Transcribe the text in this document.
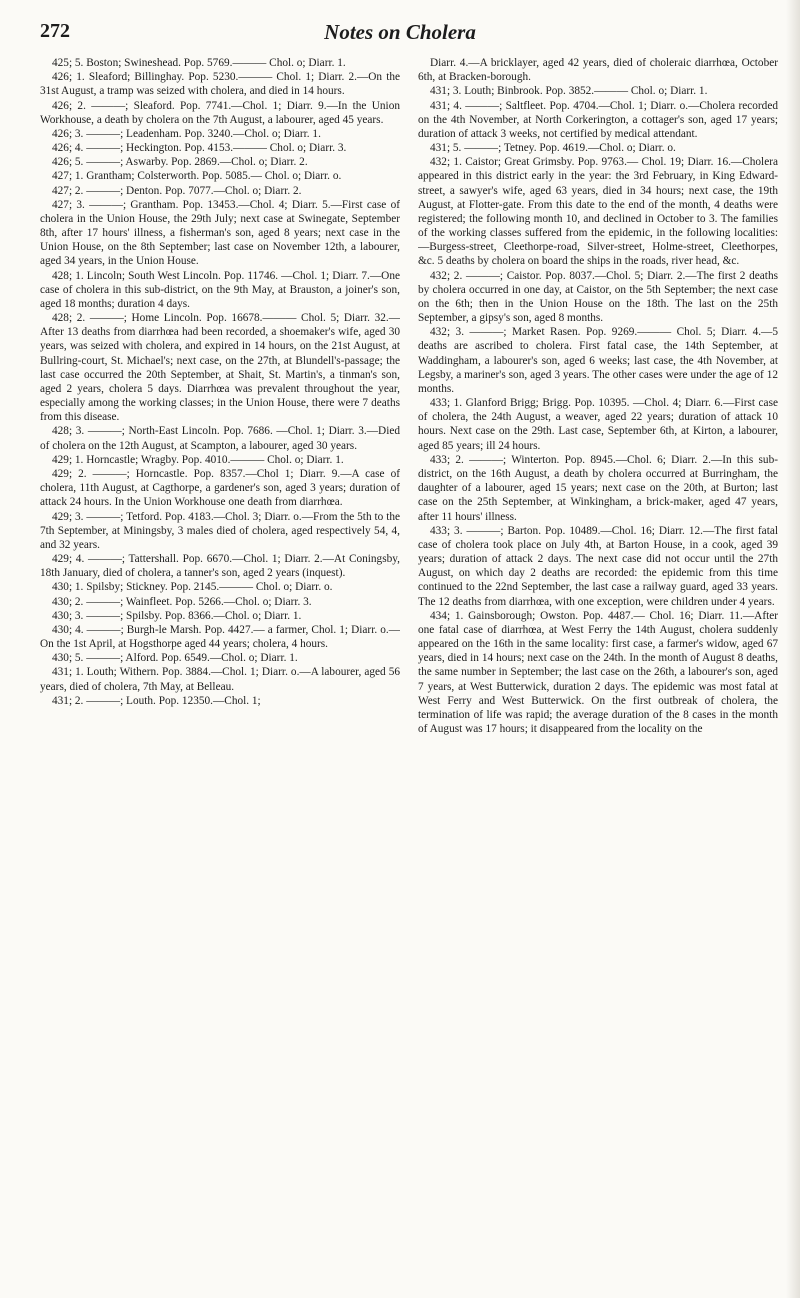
272	Notes on Cholera

425; 5. Boston; Swineshead. Pop. 5769.——— Chol. o; Diarr. 1.

426; 1. Sleaford; Billinghay. Pop. 5230.——— Chol. 1; Diarr. 2.—On the 31st August, a tramp was seized with cholera, and died in 14 hours.

426; 2. ———; Sleaford. Pop. 7741.—Chol. 1; Diarr. 9.—In the Union Workhouse, a death by cholera on the 7th August, a labourer, aged 45 years.

426; 3. ———; Leadenham. Pop. 3240.—Chol. o; Diarr. 1.

426; 4. ———; Heckington. Pop. 4153.——— Chol. o; Diarr. 3.

426; 5. ———; Aswarby. Pop. 2869.—Chol. o; Diarr. 2.

427; 1. Grantham; Colsterworth. Pop. 5085.— Chol. o; Diarr. o.

427; 2. ———; Denton. Pop. 7077.—Chol. o; Diarr. 2.

427; 3. ———; Grantham. Pop. 13453.—Chol. 4; Diarr. 5.—First case of cholera in the Union House, the 29th July; next case at Swinegate, September 8th, after 17 hours' illness, a fisherman's son, aged 8 years; next case in the Union House, on the 8th September; last case on November 12th, a labourer, aged 34 years, in the Union House.

428; 1. Lincoln; South West Lincoln. Pop. 11746. —Chol. 1; Diarr. 7.—One case of cholera in this sub-district, on the 9th May, at Brauston, a joiner's son, aged 18 months; duration 4 days.

428; 2. ———; Home Lincoln. Pop. 16678.——— Chol. 5; Diarr. 32.—After 13 deaths from diarrhœa had been recorded, a shoemaker's wife, aged 30 years, was seized with cholera, and expired in 14 hours, on the 21st August, at Bullring-court, St. Michael's; next case, on the 27th, at Blundell's-passage; the last case occurred the 20th September, at Shait, St. Martin's, a tinman's son, aged 2 years, cholera 5 days. Diarrhœa was prevalent throughout the year, especially among the working classes; in the Union House, there were 7 deaths from this disease.

428; 3. ———; North-East Lincoln. Pop. 7686. —Chol. 1; Diarr. 3.—Died of cholera on the 12th August, at Scampton, a labourer, aged 30 years.

429; 1. Horncastle; Wragby. Pop. 4010.——— Chol. o; Diarr. 1.

429; 2. ———; Horncastle. Pop. 8357.—Chol 1; Diarr. 9.—A case of cholera, 11th August, at Cagthorpe, a gardener's son, aged 3 years; duration of attack 24 hours. In the Union Workhouse one death from diarrhœa.

429; 3. ———; Tetford. Pop. 4183.—Chol. 3; Diarr. o.—From the 5th to the 7th September, at Miningsby, 3 males died of cholera, aged respectively 54, 4, and 32 years.

429; 4. ———; Tattershall. Pop. 6670.—Chol. 1; Diarr. 2.—At Coningsby, 18th January, died of cholera, a tanner's son, aged 2 years (inquest).

430; 1. Spilsby; Stickney. Pop. 2145.——— Chol. o; Diarr. o.

430; 2. ———; Wainfleet. Pop. 5266.—Chol. o; Diarr. 3.

430; 3. ———; Spilsby. Pop. 8366.—Chol. o; Diarr. 1.

430; 4. ———; Burgh-le Marsh. Pop. 4427.— a farmer, Chol. 1; Diarr. o.—On the 1st April, at Hogsthorpe aged 44 years; cholera, 4 hours.

430; 5. ———; Alford. Pop. 6549.—Chol. o; Diarr. 1.

431; 1. Louth; Withern. Pop. 3884.—Chol. 1; Diarr. o.—A labourer, aged 56 years, died of cholera, 7th May, at Belleau.

431; 2. ———; Louth. Pop. 12350.—Chol. 1;

Diarr. 4.—A bricklayer, aged 42 years, died of choleraic diarrhœa, October 6th, at Bracken-borough.

431; 3. Louth; Binbrook. Pop. 3852.——— Chol. o; Diarr. 1.

431; 4. ———; Saltfleet. Pop. 4704.—Chol. 1; Diarr. o.—Cholera recorded on the 4th November, at North Corkerington, a cottager's son, aged 17 years; duration of attack 3 weeks, not certified by medical attendant.

431; 5. ———; Tetney. Pop. 4619.—Chol. o; Diarr. o.

432; 1. Caistor; Great Grimsby. Pop. 9763.— Chol. 19; Diarr. 16.—Cholera appeared in this district early in the year: the 3rd February, in King Edward-street, a sawyer's wife, aged 63 years, died in 34 hours; next case, the 19th August, at Flotter-gate. From this date to the end of the month, 4 deaths were registered; the following month 10, and declined in October to 3. The families of the working classes suffered from the epidemic, in the following localities:—Burgess-street, Cleethorpe-road, Silver-street, Holme-street, Cleethorpes, &c. 5 deaths by cholera on board the ships in the roads, river head, &c.

432; 2. ———; Caistor. Pop. 8037.—Chol. 5; Diarr. 2.—The first 2 deaths by cholera occurred in one day, at Caistor, on the 5th September; the next case on the 6th; then in the Union House on the 18th. The last on the 25th September, a gipsy's son, aged 8 months.

432; 3. ———; Market Rasen. Pop. 9269.——— Chol. 5; Diarr. 4.—5 deaths are ascribed to cholera. First fatal case, the 14th September, at Waddingham, a labourer's son, aged 6 weeks; last case, the 4th November, at Legsby, a mariner's son, aged 3 years. The other cases were under the age of 12 months.

433; 1. Glanford Brigg; Brigg. Pop. 10395. —Chol. 4; Diarr. 6.—First case of cholera, the 24th August, a weaver, aged 22 years; duration of attack 10 hours. Next case on the 29th. Last case, September 6th, at Kirton, a labourer, aged 85 years; ill 24 hours.

433; 2. ———; Winterton. Pop. 8945.—Chol. 6; Diarr. 2.—In this sub-district, on the 16th August, a death by cholera occurred at Burringham, the daughter of a labourer, aged 15 years; next case on the 20th, at Burton; last case on the 25th September, at Winkingham, a brick-maker, aged 47 years, after 11 hours' illness.

433; 3. ———; Barton. Pop. 10489.—Chol. 16; Diarr. 12.—The first fatal case of cholera took place on July 4th, at Barton House, in a cook, aged 39 years; duration of attack 2 days. The next case did not occur until the 27th August, on which day 2 deaths are recorded: the epidemic from this time continued to the 22nd September, the last case a railway guard, aged 33 years. The 12 deaths from diarrhœa, with one exception, were children under 4 years.

434; 1. Gainsborough; Owston. Pop. 4487.— Chol. 16; Diarr. 11.—After one fatal case of diarrhœa, at West Ferry the 14th August, cholera suddenly appeared on the 16th in the same locality: first case, a farmer's widow, aged 67 years, died in 14 hours; next case on the 24th. In the month of August 8 deaths, the same number in September; the last case on the 26th, a labourer's son, aged 7 years, at West Butterwick, duration 2 days. The epidemic was most fatal at West Ferry and West Butterwick. On the first outbreak of cholera, the termination of life was rapid; the average duration of the 8 cases in the month of August was 17 hours; it disappeared from the locality on the
